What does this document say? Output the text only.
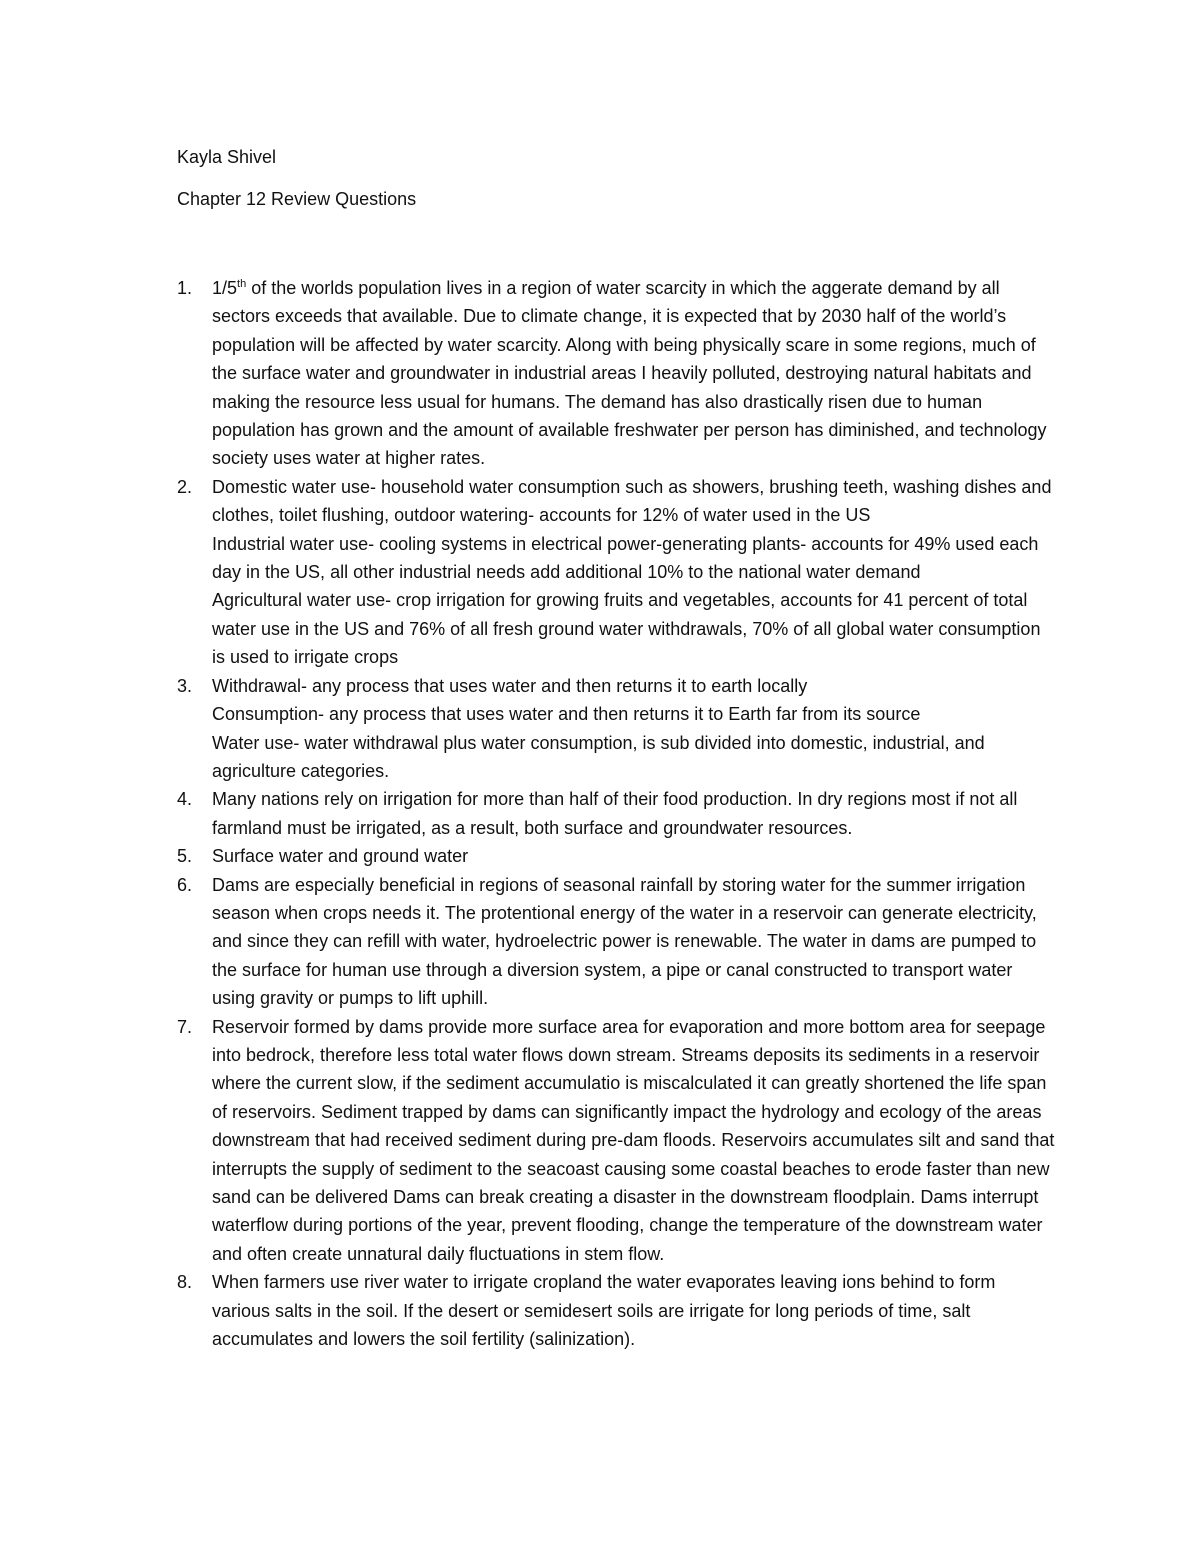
Kayla Shivel

Chapter 12 Review Questions

1.	1/5th of the worlds population lives in a region of water scarcity in which the aggerate demand by all sectors exceeds that available. Due to climate change, it is expected that by 2030 half of the world’s population will be affected by water scarcity. Along with being physically scare in some regions, much of the surface water and groundwater in industrial areas I heavily polluted, destroying natural habitats and making the resource less usual for humans. The demand has also drastically risen due to human population has grown and the amount of available freshwater per person has diminished, and technology society uses water at higher rates.

2.	Domestic water use- household water consumption such as showers, brushing teeth, washing dishes and clothes, toilet flushing, outdoor watering- accounts for 12% of water used in the US

Industrial water use- cooling systems in electrical power-generating plants- accounts for 49% used each day in the US, all other industrial needs add additional 10% to the national water demand

Agricultural water use- crop irrigation for growing fruits and vegetables, accounts for 41 percent of total water use in the US and 76% of all fresh ground water withdrawals, 70% of all global water consumption is used to irrigate crops

3.	Withdrawal- any process that uses water and then returns it to earth locally

Consumption- any process that uses water and then returns it to Earth far from its source

Water use- water withdrawal plus water consumption, is sub divided into domestic, industrial, and agriculture categories.

4.	Many nations rely on irrigation for more than half of their food production. In dry regions most if not all farmland must be irrigated, as a result, both surface and groundwater resources.

5.	Surface water and ground water

6.	Dams are especially beneficial in regions of seasonal rainfall by storing water for the summer irrigation season when crops needs it. The protentional energy of the water in a reservoir can generate electricity, and since they can refill with water, hydroelectric power is renewable. The water in dams are pumped to the surface for human use through a diversion system, a pipe or canal constructed to transport water using gravity or pumps to lift uphill.

7.	Reservoir formed by dams provide more surface area for evaporation and more bottom area for seepage into bedrock, therefore less total water flows down stream. Streams deposits its sediments in a reservoir where the current slow, if the sediment accumulatio is miscalculated it can greatly shortened the life span of reservoirs. Sediment trapped by dams can significantly impact the hydrology and ecology of the areas downstream that had received sediment during pre-dam floods. Reservoirs accumulates silt and sand that interrupts the supply of sediment to the seacoast causing some coastal beaches to erode faster than new sand can be delivered Dams can break creating a disaster in the downstream floodplain. Dams interrupt waterflow during portions of the year, prevent flooding, change the temperature of the downstream water and often create unnatural daily fluctuations in stem flow.

8.	When farmers use river water to irrigate cropland the water evaporates leaving ions behind to form various salts in the soil. If the desert or semidesert soils are irrigate for long periods of time, salt accumulates and lowers the soil fertility (salinization).
